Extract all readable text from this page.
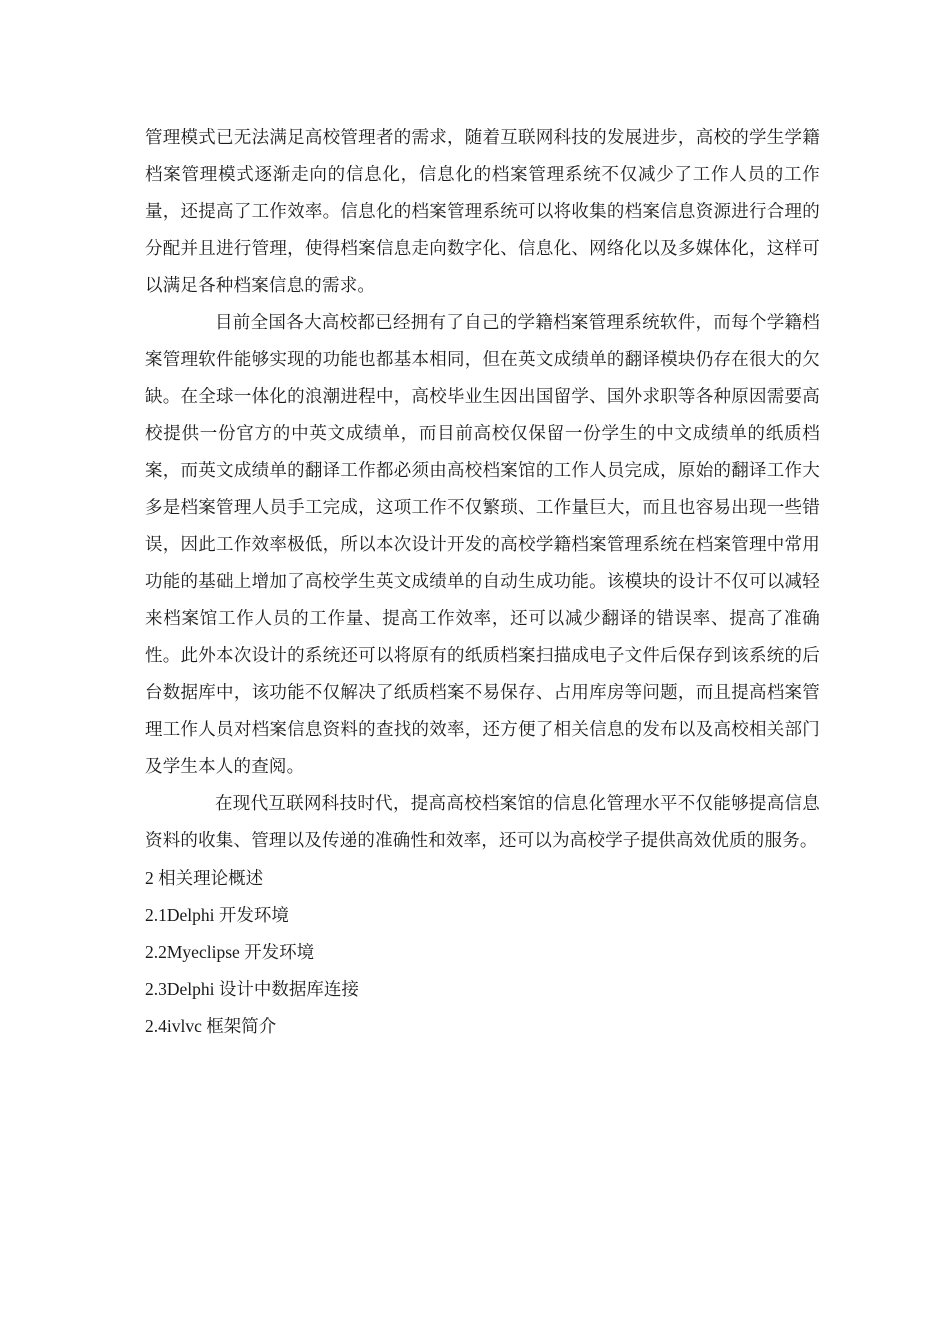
管理模式已无法满足高校管理者的需求，随着互联网科技的发展进步，高校的学生学籍档案管理模式逐渐走向的信息化，信息化的档案管理系统不仅减少了工作人员的工作量，还提高了工作效率。信息化的档案管理系统可以将收集的档案信息资源进行合理的分配并且进行管理，使得档案信息走向数字化、信息化、网络化以及多媒体化，这样可以满足各种档案信息的需求。

目前全国各大高校都已经拥有了自己的学籍档案管理系统软件，而每个学籍档案管理软件能够实现的功能也都基本相同，但在英文成绩单的翻译模块仍存在很大的欠缺。在全球一体化的浪潮进程中，高校毕业生因出国留学、国外求职等各种原因需要高校提供一份官方的中英文成绩单，而目前高校仅保留一份学生的中文成绩单的纸质档案，而英文成绩单的翻译工作都必须由高校档案馆的工作人员完成，原始的翻译工作大多是档案管理人员手工完成，这项工作不仅繁琐、工作量巨大，而且也容易出现一些错误，因此工作效率极低，所以本次设计开发的高校学籍档案管理系统在档案管理中常用功能的基础上增加了高校学生英文成绩单的自动生成功能。该模块的设计不仅可以减轻来档案馆工作人员的工作量、提高工作效率，还可以减少翻译的错误率、提高了准确性。此外本次设计的系统还可以将原有的纸质档案扫描成电子文件后保存到该系统的后台数据库中，该功能不仅解决了纸质档案不易保存、占用库房等问题，而且提高档案管理工作人员对档案信息资料的查找的效率，还方便了相关信息的发布以及高校相关部门及学生本人的查阅。

在现代互联网科技时代，提高高校档案馆的信息化管理水平不仅能够提高信息资料的收集、管理以及传递的准确性和效率，还可以为高校学子提供高效优质的服务。

2 相关理论概述

2.1Delphi 开发环境

2.2Myeclipse 开发环境

2.3Delphi 设计中数据库连接

2.4ivlvc 框架简介
